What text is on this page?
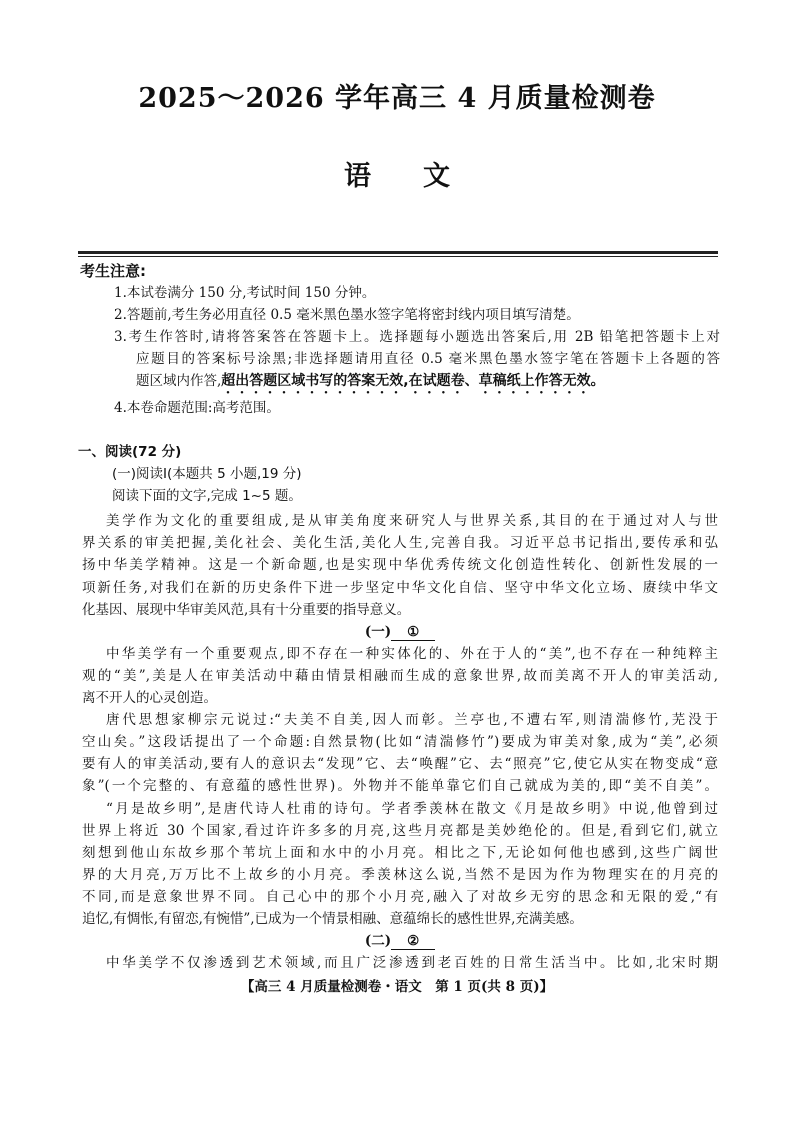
2025～2026 学年高三 4 月质量检测卷
语 文
考生注意:
1.本试卷满分 150 分,考试时间 150 分钟。
2.答题前,考生务必用直径 0.5 毫米黑色墨水签字笔将密封线内项目填写清楚。
3.考生作答时,请将答案答在答题卡上。选择题每小题选出答案后,用 2B 铅笔把答题卡上对
应题目的答案标号涂黑;非选择题请用直径 0.5 毫米黑色墨水签字笔在答题卡上各题的答
题区域内作答,超出答题区域书写的答案无效,在试题卷、草稿纸上作答无效。
4.本卷命题范围:高考范围。
一、阅读(72 分)
(一)阅读Ⅰ(本题共 5 小题,19 分)
阅读下面的文字,完成 1~5 题。
美学作为文化的重要组成,是从审美角度来研究人与世界关系,其目的在于通过对人与世
界关系的审美把握,美化社会、美化生活,美化人生,完善自我。习近平总书记指出,要传承和弘
扬中华美学精神。这是一个新命题,也是实现中华优秀传统文化创造性转化、创新性发展的一
项新任务,对我们在新的历史条件下进一步坚定中华文化自信、坚守中华文化立场、赓续中华文
化基因、展现中华审美风范,具有十分重要的指导意义。
(一) ①
中华美学有一个重要观点,即不存在一种实体化的、外在于人的“美”,也不存在一种纯粹主
观的“美”,美是人在审美活动中藉由情景相融而生成的意象世界,故而美离不开人的审美活动,
离不开人的心灵创造。
唐代思想家柳宗元说过:“夫美不自美,因人而彰。兰亭也,不遭右军,则清湍修竹,芜没于
空山矣。”这段话提出了一个命题:自然景物(比如“清湍修竹”)要成为审美对象,成为“美”,必须
要有人的审美活动,要有人的意识去“发现”它、去“唤醒”它、去“照亮”它,使它从实在物变成“意
象”(一个完整的、有意蕴的感性世界)。外物并不能单靠它们自己就成为美的,即“美不自美”。
“月是故乡明”,是唐代诗人杜甫的诗句。学者季羡林在散文《月是故乡明》中说,他曾到过
世界上将近 30 个国家,看过许许多多的月亮,这些月亮都是美妙绝伦的。但是,看到它们,就立
刻想到他山东故乡那个苇坑上面和水中的小月亮。相比之下,无论如何他也感到,这些广阔世
界的大月亮,万万比不上故乡的小月亮。季羡林这么说,当然不是因为作为物理实在的月亮的
不同,而是意象世界不同。自己心中的那个小月亮,融入了对故乡无穷的思念和无限的爱,“有
追忆,有惆怅,有留恋,有惋惜”,已成为一个情景相融、意蕴绵长的感性世界,充满美感。
(二) ②
中华美学不仅渗透到艺术领域,而且广泛渗透到老百姓的日常生活当中。比如,北宋时期
【高三 4 月质量检测卷・语文　第 1 页(共 8 页)】
